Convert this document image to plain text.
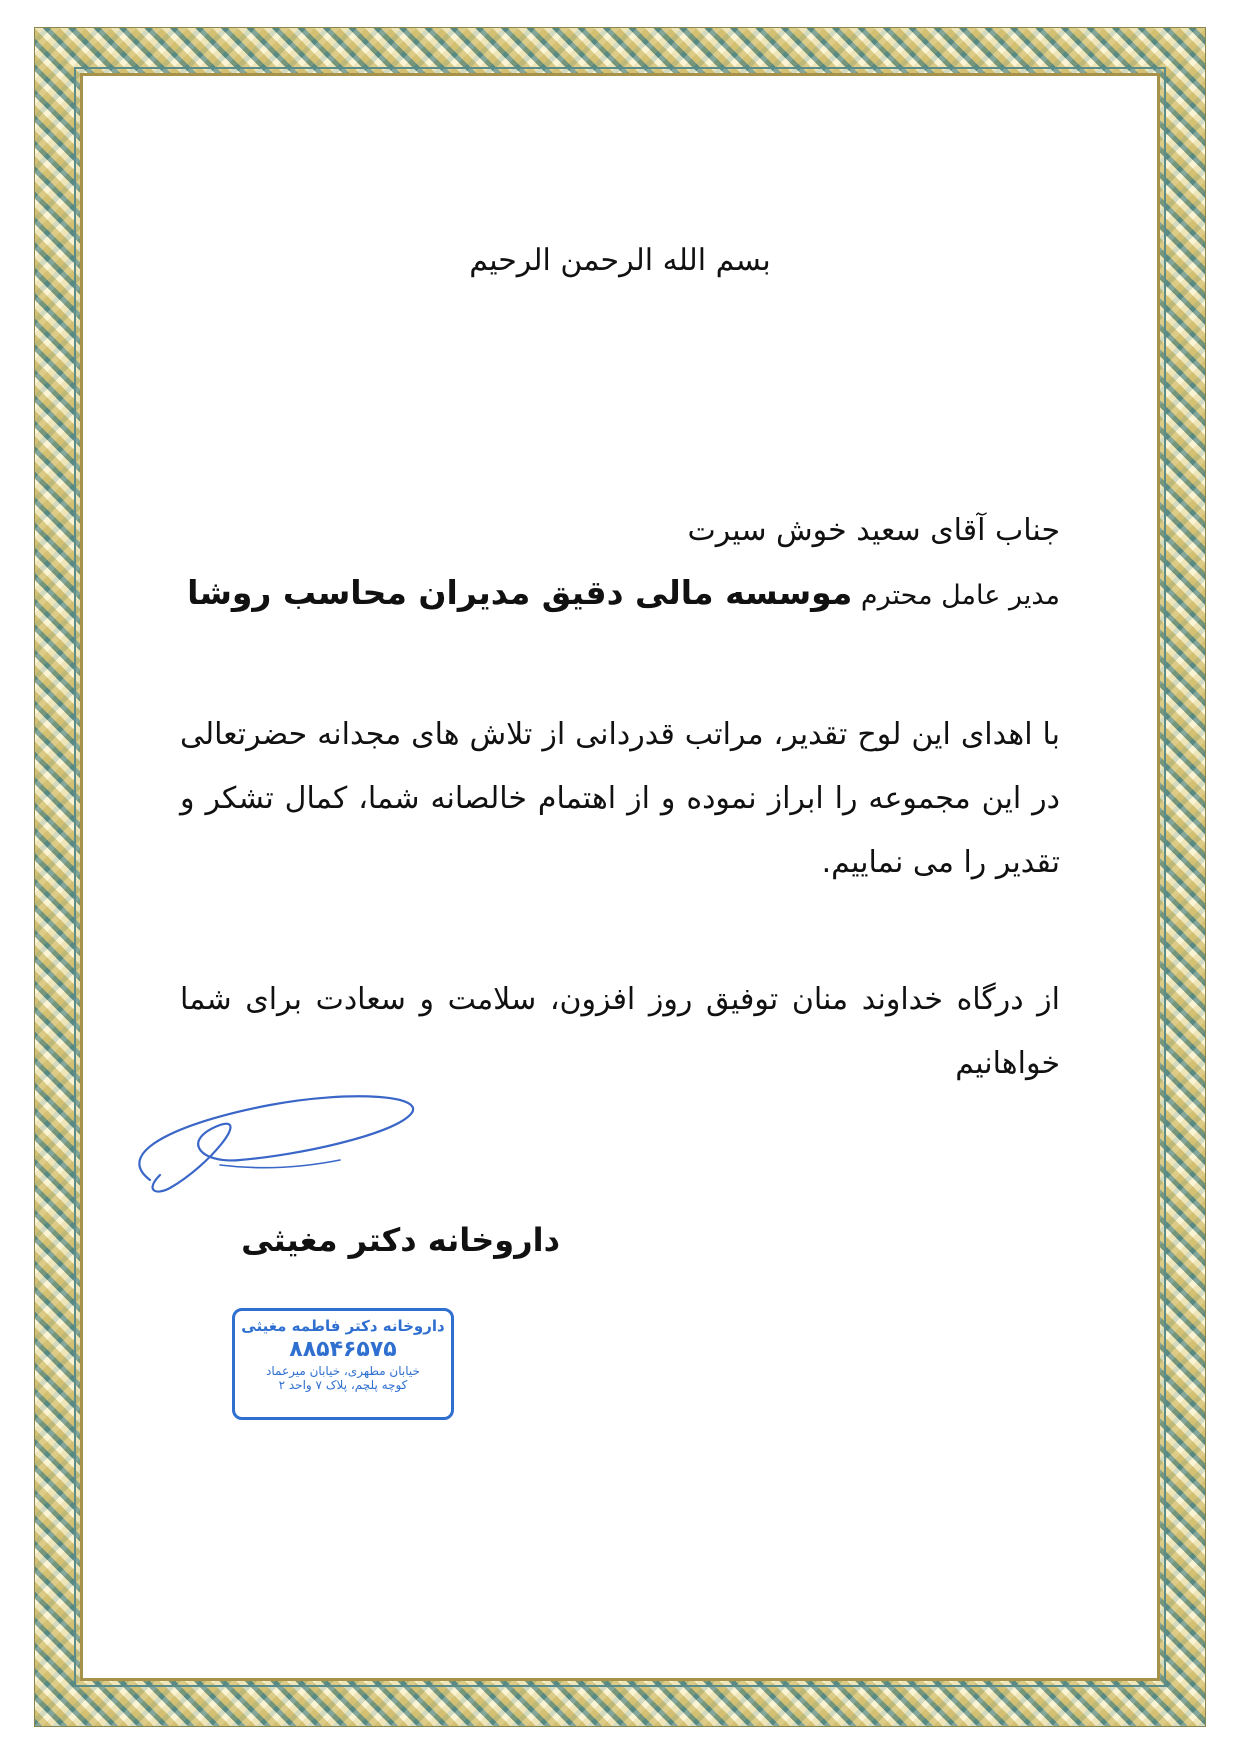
بسم الله الرحمن الرحيم
جناب آقای سعید خوش سیرت
مدیر عامل محترم موسسه مالی دقیق مدیران محاسب روشا
با اهدای این لوح تقدیر، مراتب قدردانی از تلاش های مجدانه حضرتعالی در این مجموعه را ابراز نموده و از اهتمام خالصانه شما، کمال تشکر و تقدیر را می نماییم.
از درگاه خداوند منان توفیق روز افزون، سلامت و سعادت برای شما خواهانیم
داروخانه دکتر مغیثی
داروخانه دکتر فاطمه مغیثی
۸۸۵۴۶۵۷۵
خیابان مطهری، خیابان میرعماد
کوچه پلچم، پلاک ۷ واحد ۲
